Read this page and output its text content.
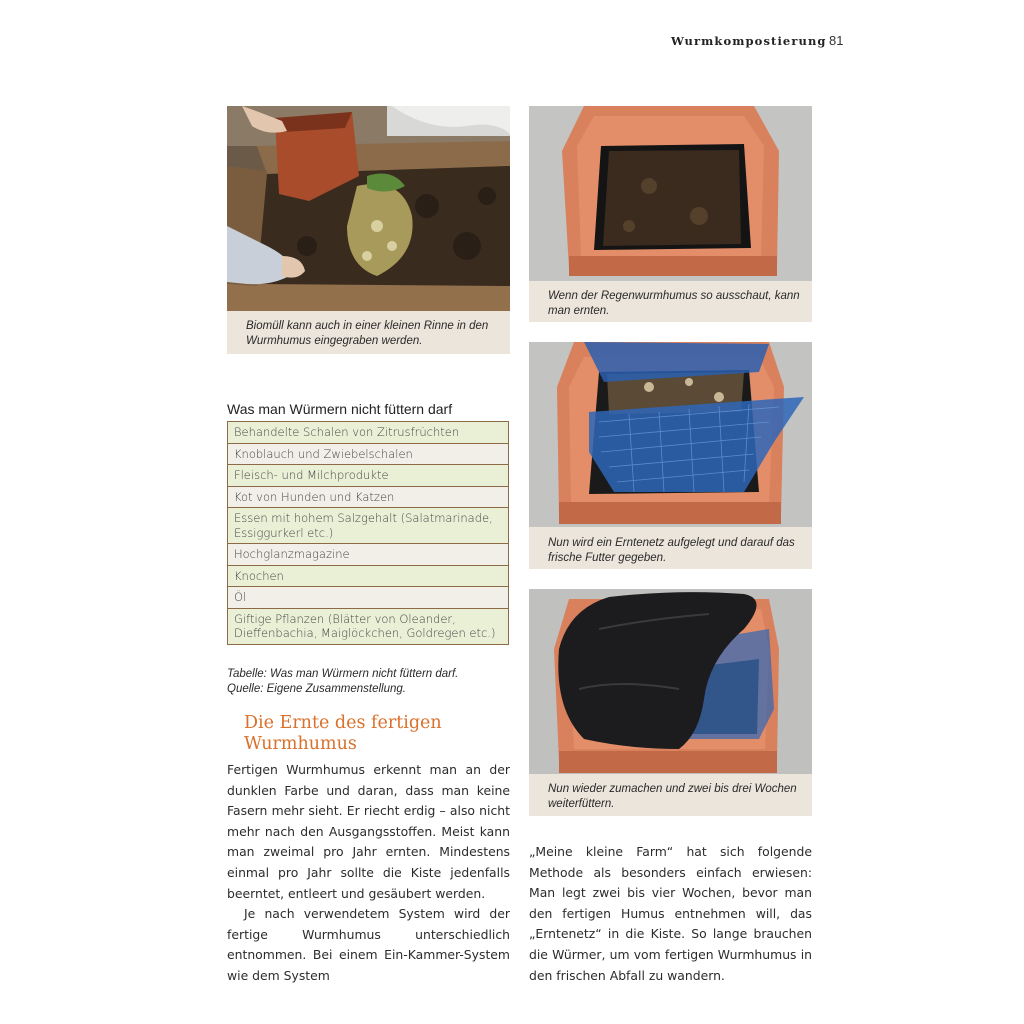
Wurmkompostierung 81
Biomüll kann auch in einer kleinen Rinne in den Wurmhumus eingegraben werden.
Wenn der Regenwurmhumus so ausschaut, kann man ernten.
Nun wird ein Erntenetz aufgelegt und darauf das frische Futter gegeben.
Nun wieder zumachen und zwei bis drei Wochen weiterfüttern.
Was man Würmern nicht füttern darf
Behandelte Schalen von Zitrusfrüchten
Knoblauch und Zwiebelschalen
Fleisch- und Milchprodukte
Kot von Hunden und Katzen
Essen mit hohem Salzgehalt (Salatmarinade, Essiggurkerl etc.)
Hochglanzmagazine
Knochen
Öl
Giftige Pflanzen (Blätter von Oleander, Dieffenbachia, Maiglöckchen, Goldregen etc.)
Tabelle: Was man Würmern nicht füttern darf.
Quelle: Eigene Zusammenstellung.
Die Ernte des fertigen Wurmhumus

Fertigen Wurmhumus erkennt man an der dunklen Farbe und daran, dass man keine Fasern mehr sieht. Er riecht erdig – also nicht mehr nach den Ausgangsstoffen. Meist kann man zweimal pro Jahr ernten. Mindestens einmal pro Jahr sollte die Kiste jedenfalls beerntet, entleert und gesäubert werden.

Je nach verwendetem System wird der fertige Wurmhumus unterschiedlich entnommen. Bei einem Ein-Kammer-System wie dem System

„Meine kleine Farm“ hat sich folgende Methode als besonders einfach erwiesen: Man legt zwei bis vier Wochen, bevor man den fertigen Humus entnehmen will, das „Erntenetz“ in die Kiste. So lange brauchen die Würmer, um vom fertigen Wurmhumus in den frischen Abfall zu wandern.
